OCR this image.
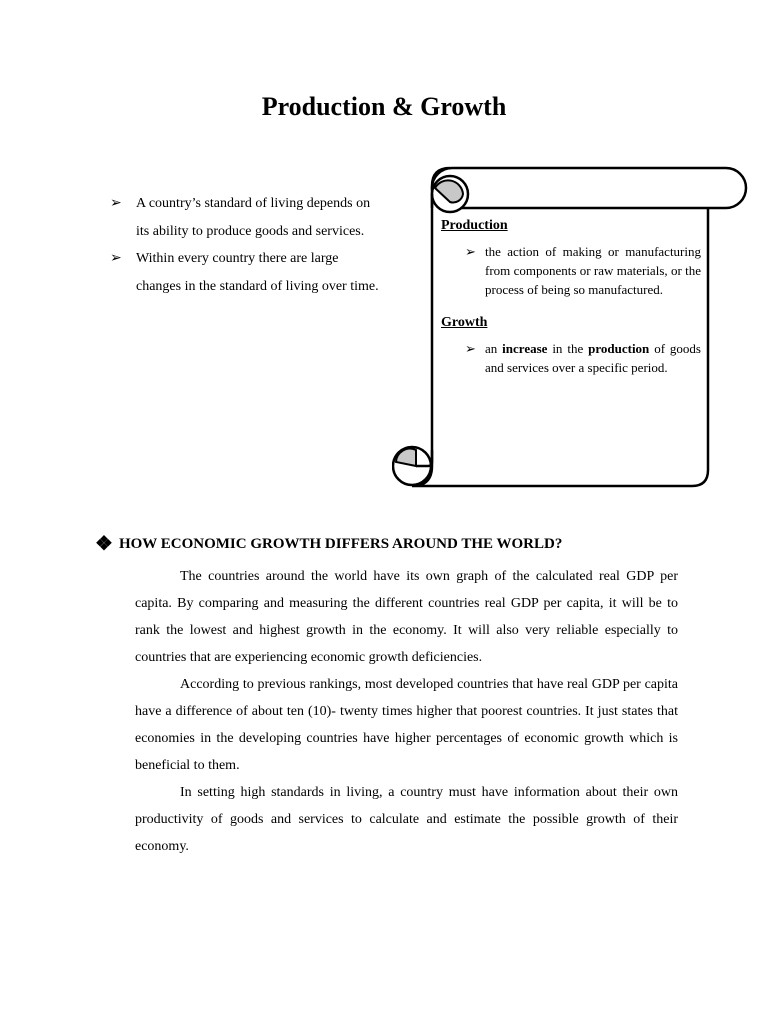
Production & Growth
➢ A country’s standard of living depends on its ability to produce goods and services.
➢ Within every country there are large changes in the standard of living over time.

Production

➢ the action of making or manufacturing from components or raw materials, or the process of being so manufactured.

Growth

➢ an increase in the production of goods and services over a specific period.
❖ HOW ECONOMIC GROWTH DIFFERS AROUND THE WORLD?

The countries around the world have its own graph of the calculated real GDP per capita. By comparing and measuring the different countries real GDP per capita, it will be to rank the lowest and highest growth in the economy. It will also very reliable especially to countries that are experiencing economic growth deficiencies.

According to previous rankings, most developed countries that have real GDP per capita have a difference of about ten (10)- twenty times higher that poorest countries. It just states that economies in the developing countries have higher percentages of economic growth which is beneficial to them.

In setting high standards in living, a country must have information about their own productivity of goods and services to calculate and estimate the possible growth of their economy.
